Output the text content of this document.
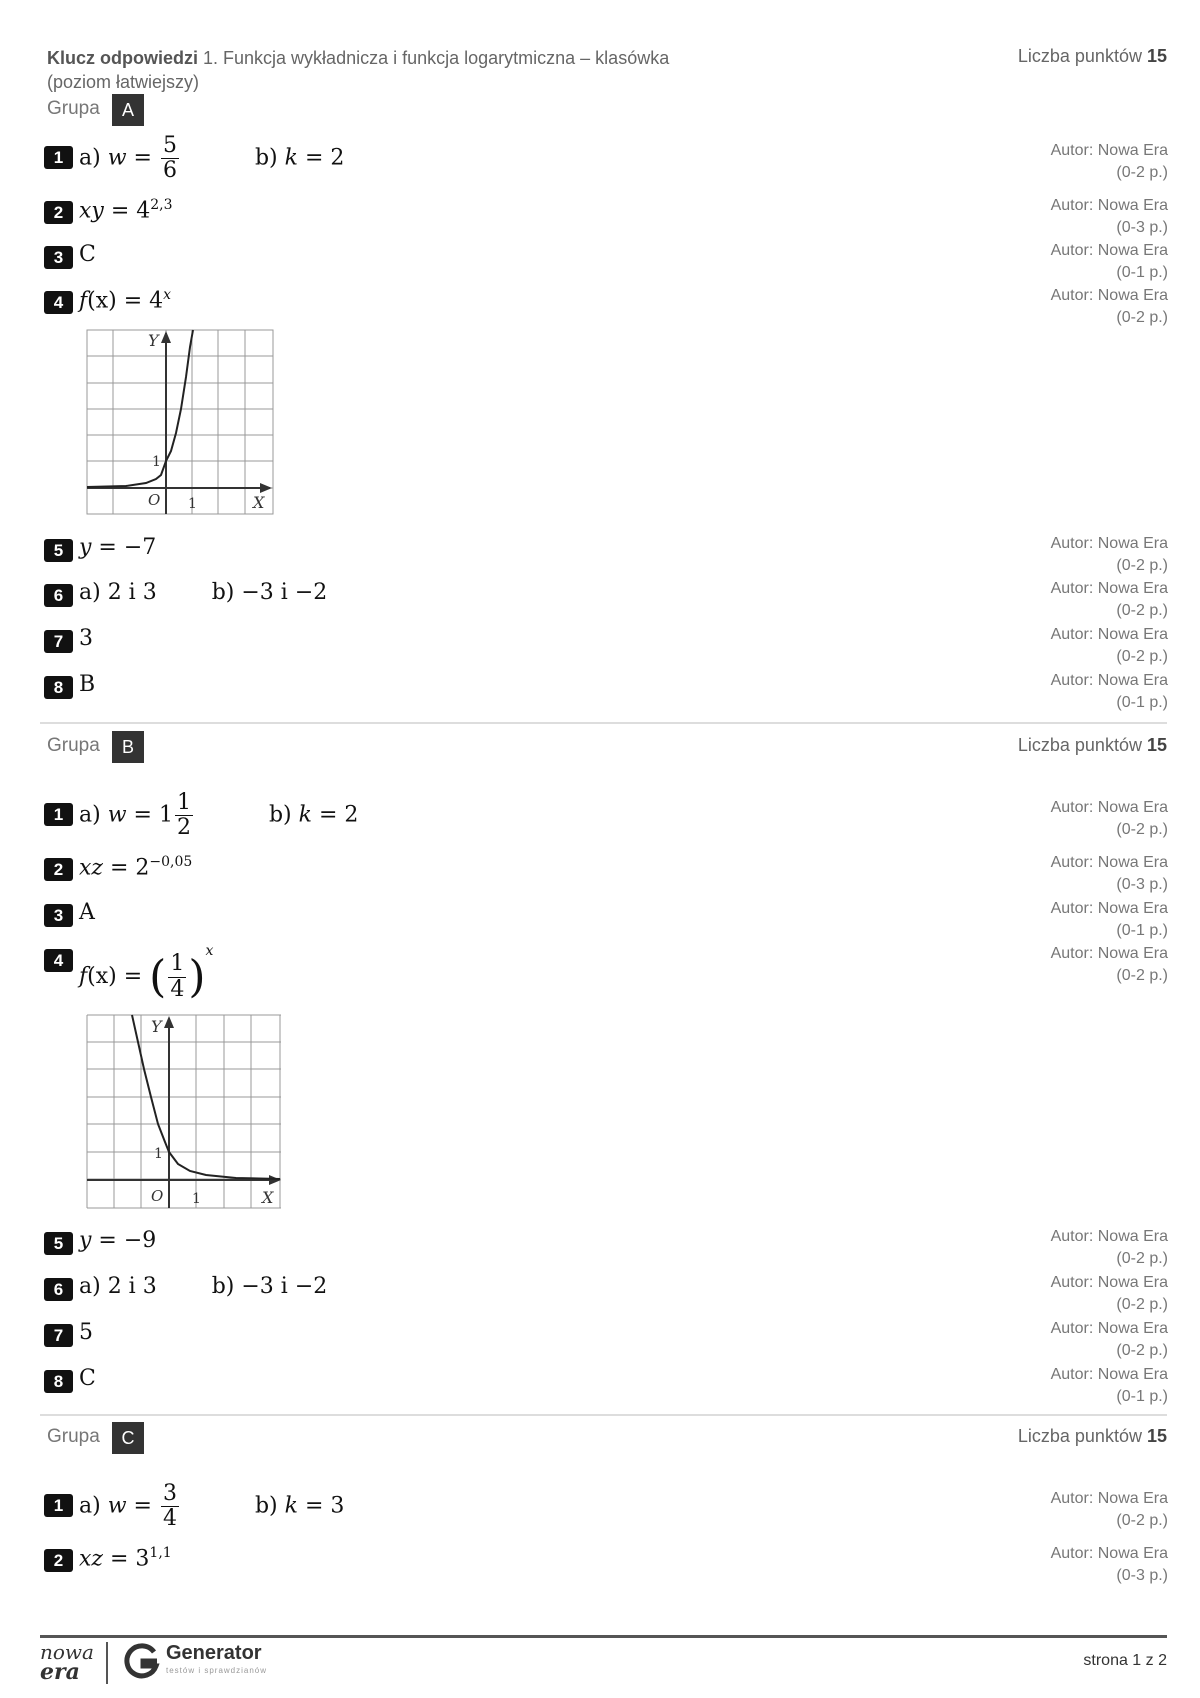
Klucz odpowiedzi 1. Funkcja wykładnicza i funkcja logarytmiczna – klasówka (poziom łatwiejszy)
Liczba punktów 15
Grupa	A
1 a) $w = \frac{5}{6}$	b) k = 2	Autor: Nowa Era
(0-2 p.)
2 xy = $4^{2,3}$	Autor: Nowa Era
(0-3 p.)
3 C	Autor: Nowa Era
(0-1 p.)
4 $f(x) = 4^x$	Autor: Nowa Era
(0-2 p.)
Y
X
O 1
1
5 y = −7	Autor: Nowa Era
(0-2 p.)
6 a) 2 i 3	b) −3 i −2	Autor: Nowa Era
(0-2 p.)
7 3	Autor: Nowa Era
(0-2 p.)
8 B	Autor: Nowa Era
(0-1 p.)
Grupa	B	Liczba punktów 15
1 a) $w = 1 \frac{1}{2}$	b) k = 2	Autor: Nowa Era
(0-2 p.)
2 xz = $2^{-0,05}$	Autor: Nowa Era
(0-3 p.)
3 A	Autor: Nowa Era
(0-1 p.)
4
f(x) = ( $\frac{1}{4} )^x$	Autor: Nowa Era
(0-2 p.)
Y
X
O 1
1
5 y = −9	Autor: Nowa Era
(0-2 p.)
6 a) 2 i 3	b) −3 i −2	Autor: Nowa Era
(0-2 p.)
7 5	Autor: Nowa Era
(0-2 p.)
8 C	Autor: Nowa Era
(0-1 p.)
Grupa	C	Liczba punktów 15
1 a) $w = \frac{3}{4}$	b) k = 3	Autor: Nowa Era
(0-2 p.)
2 xz = $3^{1,1}$	Autor: Nowa Era
(0-3 p.)
nowa
era
Generator
testów i sprawdzianów
strona 1 z 2
